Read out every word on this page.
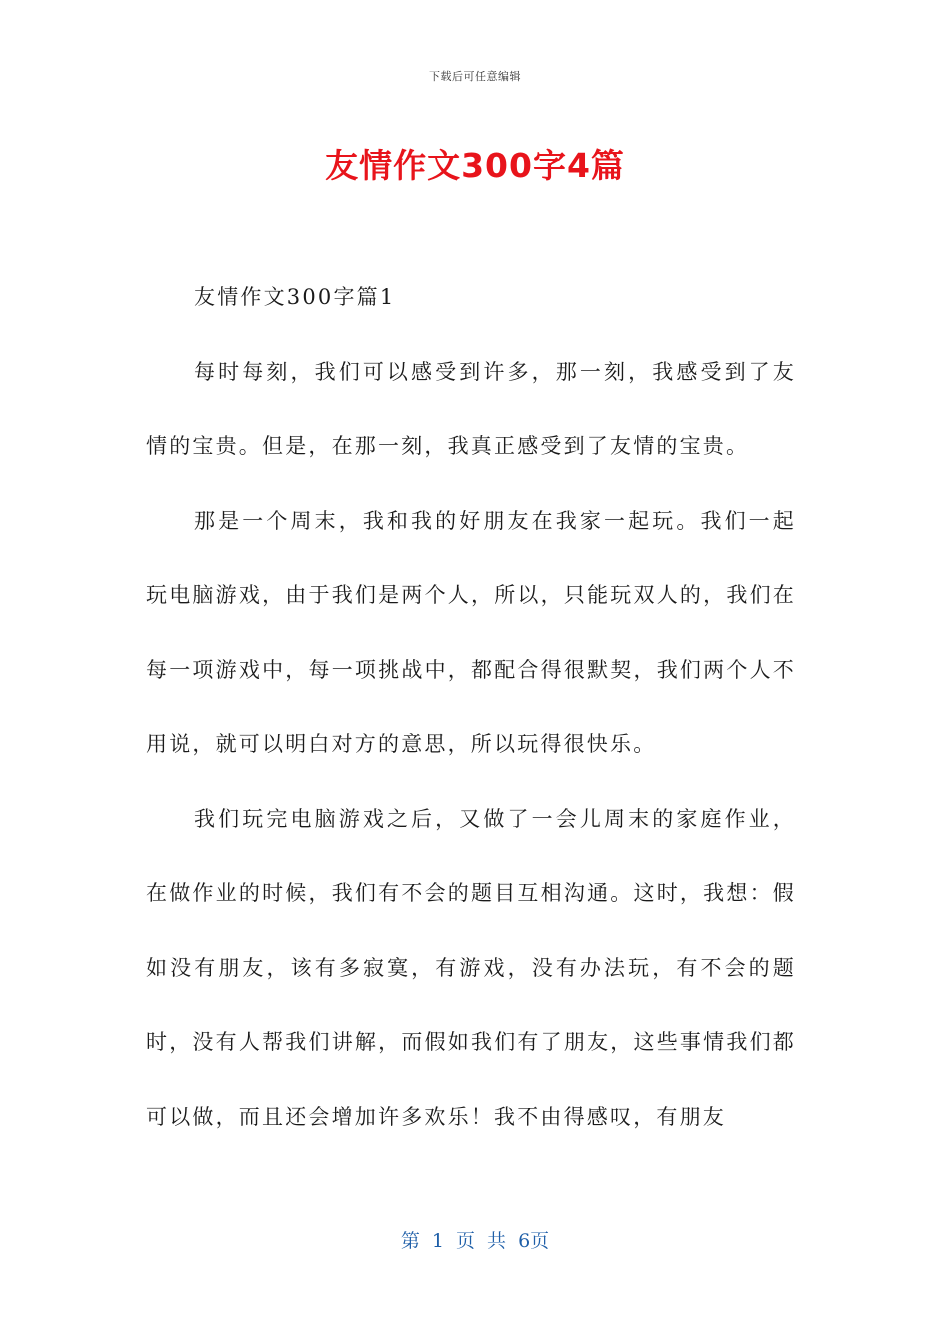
下载后可任意编辑
友情作文300字4篇

友情作文300字篇1

每时每刻，我们可以感受到许多，那一刻，我感受到了友情的宝贵。但是，在那一刻，我真正感受到了友情的宝贵。

那是一个周末，我和我的好朋友在我家一起玩。我们一起玩电脑游戏，由于我们是两个人，所以，只能玩双人的，我们在每一项游戏中，每一项挑战中，都配合得很默契，我们两个人不用说，就可以明白对方的意思，所以玩得很快乐。

我们玩完电脑游戏之后，又做了一会儿周末的家庭作业，在做作业的时候，我们有不会的题目互相沟通。这时，我想：假如没有朋友，该有多寂寞，有游戏，没有办法玩，有不会的题时，没有人帮我们讲解，而假如我们有了朋友，这些事情我们都可以做，而且还会增加许多欢乐！我不由得感叹，有朋友

第 1 页 共 6页
